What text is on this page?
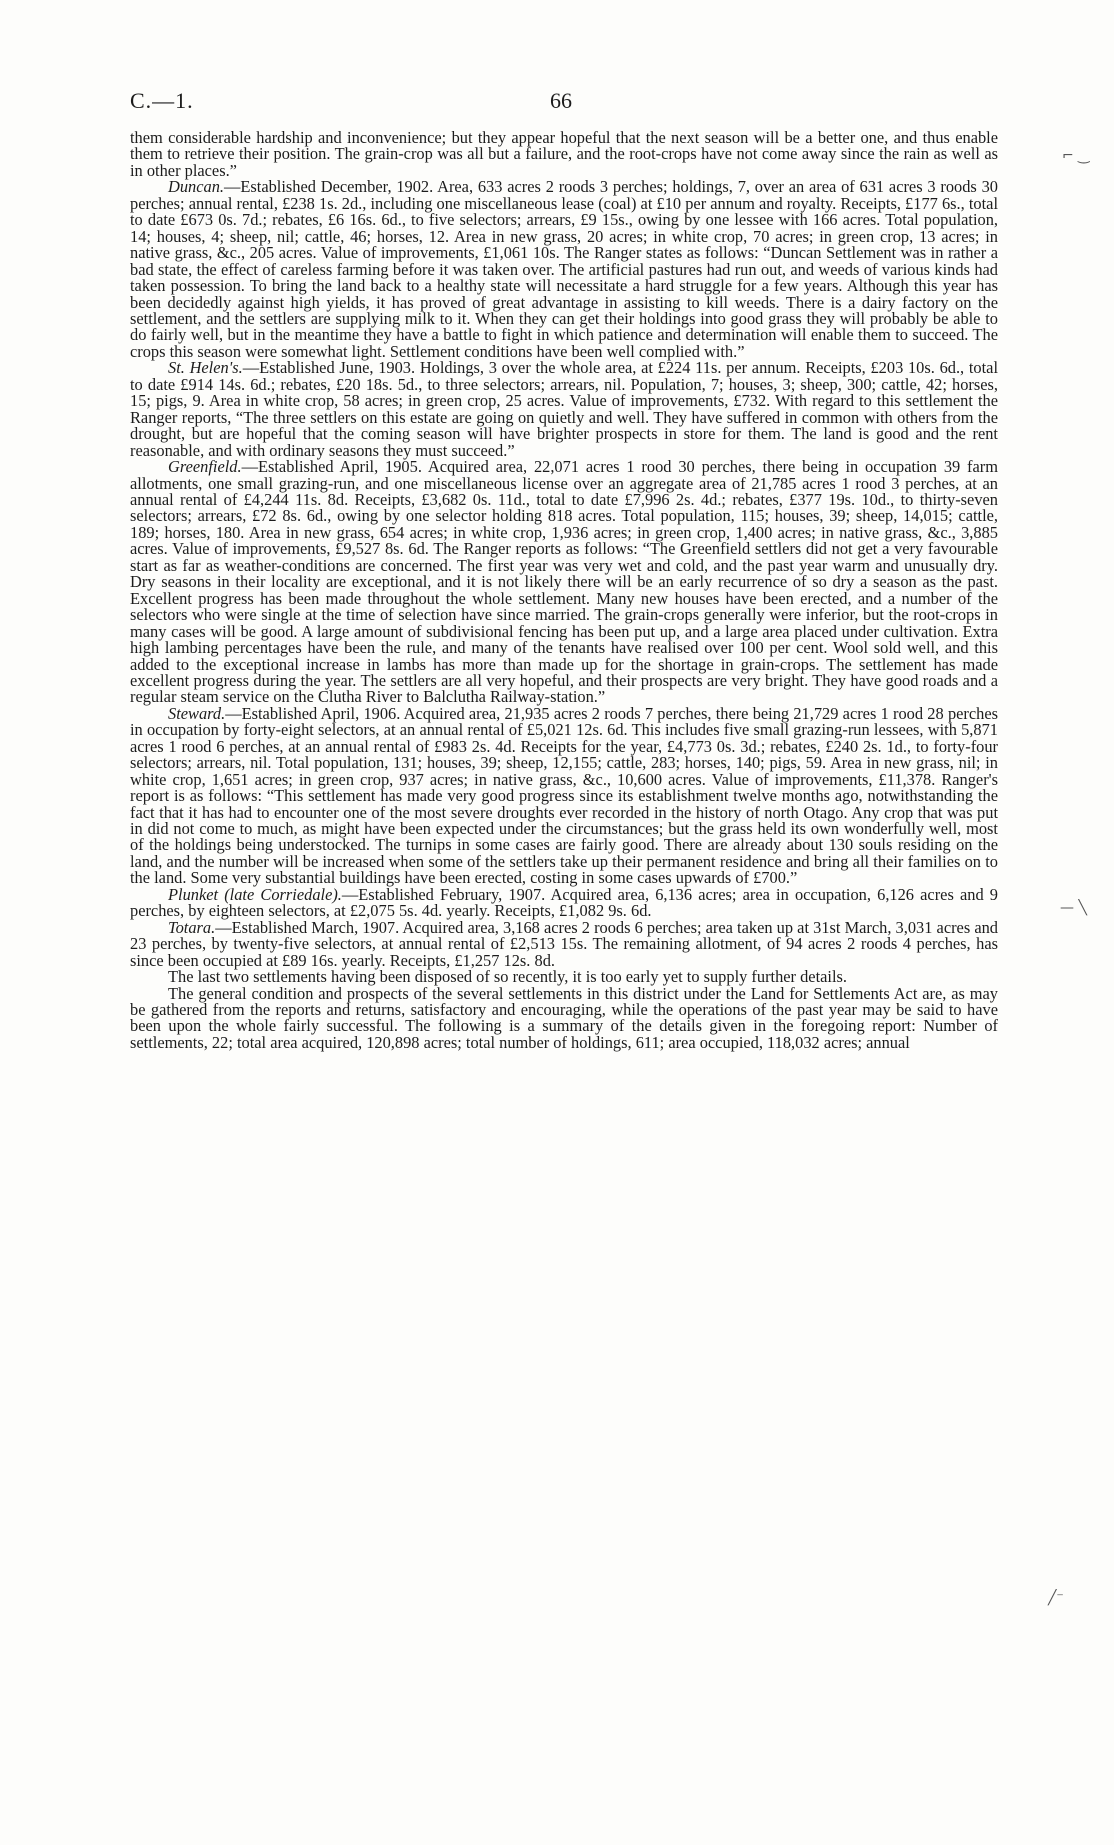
C.—1.	66

them considerable hardship and inconvenience; but they appear hopeful that the next season will be a better one, and thus enable them to retrieve their position. The grain-crop was all but a failure, and the root-crops have not come away since the rain as well as in other places.”

Duncan.—Established December, 1902. Area, 633 acres 2 roods 3 perches; holdings, 7, over an area of 631 acres 3 roods 30 perches; annual rental, £238 1s. 2d., including one miscellaneous lease (coal) at £10 per annum and royalty. Receipts, £177 6s., total to date £673 0s. 7d.; rebates, £6 16s. 6d., to five selectors; arrears, £9 15s., owing by one lessee with 166 acres. Total population, 14; houses, 4; sheep, nil; cattle, 46; horses, 12. Area in new grass, 20 acres; in white crop, 70 acres; in green crop, 13 acres; in native grass, &c., 205 acres. Value of improvements, £1,061 10s. The Ranger states as follows: “Duncan Settlement was in rather a bad state, the effect of careless farming before it was taken over. The artificial pastures had run out, and weeds of various kinds had taken possession. To bring the land back to a healthy state will necessitate a hard struggle for a few years. Although this year has been decidedly against high yields, it has proved of great advantage in assisting to kill weeds. There is a dairy factory on the settlement, and the settlers are supplying milk to it. When they can get their holdings into good grass they will probably be able to do fairly well, but in the meantime they have a battle to fight in which patience and determination will enable them to succeed. The crops this season were somewhat light. Settlement conditions have been well complied with.”

St. Helen's.—Established June, 1903. Holdings, 3 over the whole area, at £224 11s. per annum. Receipts, £203 10s. 6d., total to date £914 14s. 6d.; rebates, £20 18s. 5d., to three selectors; arrears, nil. Population, 7; houses, 3; sheep, 300; cattle, 42; horses, 15; pigs, 9. Area in white crop, 58 acres; in green crop, 25 acres. Value of improvements, £732. With regard to this settlement the Ranger reports, “The three settlers on this estate are going on quietly and well. They have suffered in common with others from the drought, but are hopeful that the coming season will have brighter prospects in store for them. The land is good and the rent reasonable, and with ordinary seasons they must succeed.”

Greenfield.—Established April, 1905. Acquired area, 22,071 acres 1 rood 30 perches, there being in occupation 39 farm allotments, one small grazing-run, and one miscellaneous license over an aggregate area of 21,785 acres 1 rood 3 perches, at an annual rental of £4,244 11s. 8d. Receipts, £3,682 0s. 11d., total to date £7,996 2s. 4d.; rebates, £377 19s. 10d., to thirty-seven selectors; arrears, £72 8s. 6d., owing by one selector holding 818 acres. Total population, 115; houses, 39; sheep, 14,015; cattle, 189; horses, 180. Area in new grass, 654 acres; in white crop, 1,936 acres; in green crop, 1,400 acres; in native grass, &c., 3,885 acres. Value of improvements, £9,527 8s. 6d. The Ranger reports as follows: “The Greenfield settlers did not get a very favourable start as far as weather-conditions are concerned. The first year was very wet and cold, and the past year warm and unusually dry. Dry seasons in their locality are exceptional, and it is not likely there will be an early recurrence of so dry a season as the past. Excellent progress has been made throughout the whole settlement. Many new houses have been erected, and a number of the selectors who were single at the time of selection have since married. The grain-crops generally were inferior, but the root-crops in many cases will be good. A large amount of subdivisional fencing has been put up, and a large area placed under cultivation. Extra high lambing percentages have been the rule, and many of the tenants have realised over 100 per cent. Wool sold well, and this added to the exceptional increase in lambs has more than made up for the shortage in grain-crops. The settlement has made excellent progress during the year. The settlers are all very hopeful, and their prospects are very bright. They have good roads and a regular steam service on the Clutha River to Balclutha Railway-station.”

Steward.—Established April, 1906. Acquired area, 21,935 acres 2 roods 7 perches, there being 21,729 acres 1 rood 28 perches in occupation by forty-eight selectors, at an annual rental of £5,021 12s. 6d. This includes five small grazing-run lessees, with 5,871 acres 1 rood 6 perches, at an annual rental of £983 2s. 4d. Receipts for the year, £4,773 0s. 3d.; rebates, £240 2s. 1d., to forty-four selectors; arrears, nil. Total population, 131; houses, 39; sheep, 12,155; cattle, 283; horses, 140; pigs, 59. Area in new grass, nil; in white crop, 1,651 acres; in green crop, 937 acres; in native grass, &c., 10,600 acres. Value of improvements, £11,378. Ranger's report is as follows: “This settlement has made very good progress since its establishment twelve months ago, notwithstanding the fact that it has had to encounter one of the most severe droughts ever recorded in the history of north Otago. Any crop that was put in did not come to much, as might have been expected under the circumstances; but the grass held its own wonderfully well, most of the holdings being understocked. The turnips in some cases are fairly good. There are already about 130 souls residing on the land, and the number will be increased when some of the settlers take up their permanent residence and bring all their families on to the land. Some very substantial buildings have been erected, costing in some cases upwards of £700.”

Plunket (late Corriedale).—Established February, 1907. Acquired area, 6,136 acres; area in occupation, 6,126 acres and 9 perches, by eighteen selectors, at £2,075 5s. 4d. yearly. Receipts, £1,082 9s. 6d.

Totara.—Established March, 1907. Acquired area, 3,168 acres 2 roods 6 perches; area taken up at 31st March, 3,031 acres and 23 perches, by twenty-five selectors, at annual rental of £2,513 15s. The remaining allotment, of 94 acres 2 roods 4 perches, has since been occupied at £89 16s. yearly. Receipts, £1,257 12s. 8d.

The last two settlements having been disposed of so recently, it is too early yet to supply further details.

The general condition and prospects of the several settlements in this district under the Land for Settlements Act are, as may be gathered from the reports and returns, satisfactory and encouraging, while the operations of the past year may be said to have been upon the whole fairly successful. The following is a summary of the details given in the foregoing report: Number of settlements, 22; total area acquired, 120,898 acres; total number of holdings, 611; area occupied, 118,032 acres; annual

⌐ ‿
— ╲
╱⁻
